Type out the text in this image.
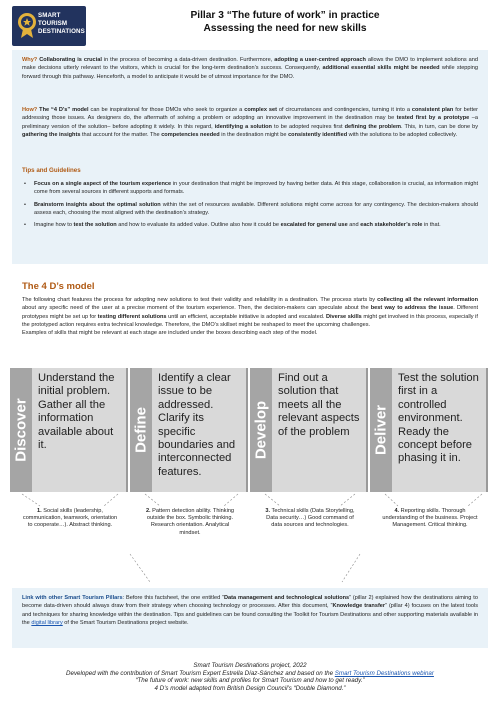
SMART
TOURISM
DESTINATIONS
Pillar 3 “The future of work” in practice
Assessing the need for new skills

Why? Collaborating is crucial in the process of becoming a data-driven destination. Furthermore, adopting a user-centred approach allows the DMO to implement solutions and make decisions utterly relevant to the visitors, which is crucial for the long-term destination’s success. Consequently, additional essential skills might be needed while stepping forward through this pathway. Henceforth, a model to anticipate it would be of utmost importance for the DMO.

How? The “4 D’s” model can be inspirational for those DMOs who seek to organize a complex set of circumstances and contingencies, turning it into a consistent plan for better addressing those issues. As designers do, the aftermath of solving a problem or adopting an innovative improvement in the destination may be tested first by a prototype –a preliminary version of the solution– before adopting it widely. In this regard, identifying a solution to be adopted requires first defining the problem. This, in turn, can be done by gathering the insights that account for the matter. The competencies needed in the destination might be consistently identified with the solutions to be adopted collectively.

Tips and Guidelines
• Focus on a single aspect of the tourism experience in your destination that might be improved by having better data. At this stage, collaboration is crucial, as information might come from several sources in different supports and formats.
• Brainstorm insights about the optimal solution within the set of resources available. Different solutions might come across for any contingency. The decision-makers should assess each, choosing the most aligned with the destination’s strategy.
• Imagine how to test the solution and how to evaluate its added value. Outline also how it could be escalated for general use and each stakeholder’s role in that.
The 4 D’s model

The following chart features the process for adopting new solutions to test their validity and reliability in a destination. The process starts by collecting all the relevant information about any specific need of the user at a precise moment of the tourism experience. Then, the decision-makers can speculate about the best way to address the issue. Different prototypes might be set up for testing different solutions until an efficient, acceptable initiative is adopted and escalated. Diverse skills might get involved in this process, especially if the prototyped action requires extra technical knowledge. Therefore, the DMO’s skillset might be reshaped to meet the upcoming challenges.

Examples of skills that might be relevant at each stage are included under the boxes describing each step of the model.

Discover
Understand the initial problem. Gather all the information available about it.	Define
Identify a clear issue to be addressed. Clarify its specific boundaries and interconnected features.
Develop
Find out a solution that meets all the relevant aspects of the problem	Deliver
Test the solution first in a controlled environment. Ready the concept before phasing it in.
1. Social skills (leadership, communication, teamwork, orientation to cooperate…). Abstract thinking.
2. Pattern detection ability. Thinking outside the box. Symbolic thinking. Research orientation. Analytical mindset.
3. Technical skills (Data Storytelling, Data security…) Good command of data sources and technologies.
4. Reporting skills. Thorough understanding of the business. Project Management. Critical thinking.

Link with other Smart Tourism Pillars: Before this factsheet, the one entitled “Data management and technological solutions” (pillar 2) explained how the destinations aiming to become data-driven should always draw from their strategy when choosing technology or processes. After this document, “Knowledge transfer” (pillar 4) focuses on the latest tools and techniques for sharing knowledge within the destination. Tips and guidelines can be found consulting the Toolkit for Tourism Destinations and other supporting materials available in the digital library of the Smart Tourism Destinations project website.

Smart Tourism Destinations project, 2022
Developed with the contribution of Smart Tourism Expert Estrella Díaz-Sánchez and based on the Smart Tourism Destinations webinar
“The future of work: new skills and profiles for Smart Tourism and how to get ready.”
4 D’s model adapted from British Design Council’s “Double Diamond.”
